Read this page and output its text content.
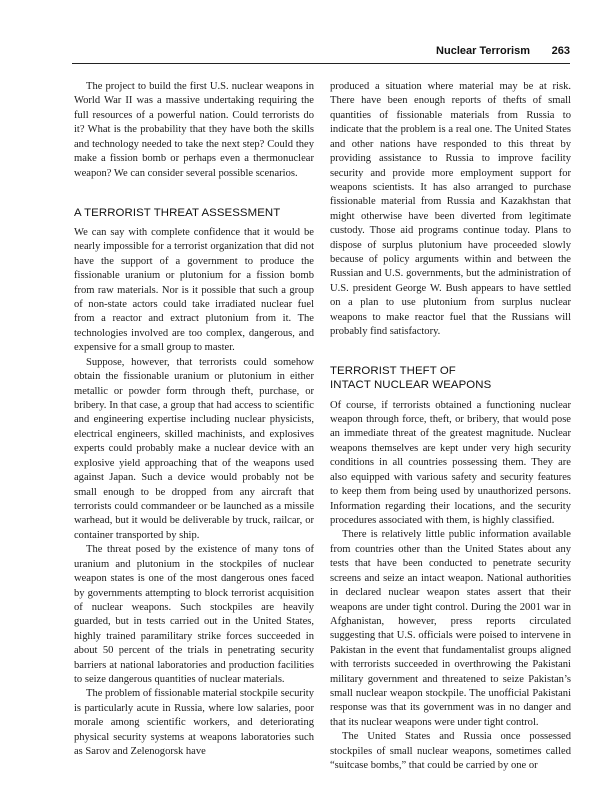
Nuclear Terrorism 263

The project to build the first U.S. nuclear weapons in World War II was a massive undertaking requiring the full resources of a powerful nation. Could terrorists do it? What is the probability that they have both the skills and technology needed to take the next step? Could they make a fission bomb or perhaps even a thermonuclear weapon? We can consider several possible scenarios.

A TERRORIST THREAT ASSESSMENT

We can say with complete confidence that it would be nearly impossible for a terrorist organization that did not have the support of a government to produce the fissionable uranium or plutonium for a fission bomb from raw materials. Nor is it possible that such a group of non-state actors could take irradiated nuclear fuel from a reactor and extract plutonium from it. The technologies involved are too complex, dangerous, and expensive for a small group to master.

Suppose, however, that terrorists could somehow obtain the fissionable uranium or plutonium in either metallic or powder form through theft, purchase, or bribery. In that case, a group that had access to scientific and engineering expertise including nuclear physicists, electrical engineers, skilled machinists, and explosives experts could probably make a nuclear device with an explosive yield approaching that of the weapons used against Japan. Such a device would probably not be small enough to be dropped from any aircraft that terrorists could commandeer or be launched as a missile warhead, but it would be deliverable by truck, railcar, or container transported by ship.

The threat posed by the existence of many tons of uranium and plutonium in the stockpiles of nuclear weapon states is one of the most dangerous ones faced by governments attempting to block terrorist acquisition of nuclear weapons. Such stockpiles are heavily guarded, but in tests carried out in the United States, highly trained paramilitary strike forces succeeded in about 50 percent of the trials in penetrating security barriers at national laboratories and production facilities to seize dangerous quantities of nuclear materials.

The problem of fissionable material stockpile security is particularly acute in Russia, where low salaries, poor morale among scientific workers, and deteriorating physical security systems at weapons laboratories such as Sarov and Zelenogorsk have

produced a situation where material may be at risk. There have been enough reports of thefts of small quantities of fissionable materials from Russia to indicate that the problem is a real one. The United States and other nations have responded to this threat by providing assistance to Russia to improve facility security and provide more employment support for weapons scientists. It has also arranged to purchase fissionable material from Russia and Kazakhstan that might otherwise have been diverted from legitimate custody. Those aid programs continue today. Plans to dispose of surplus plutonium have proceeded slowly because of policy arguments within and between the Russian and U.S. governments, but the administration of U.S. president George W. Bush appears to have settled on a plan to use plutonium from surplus nuclear weapons to make reactor fuel that the Russians will probably find satisfactory.

TERRORIST THEFT OF
INTACT NUCLEAR WEAPONS

Of course, if terrorists obtained a functioning nuclear weapon through force, theft, or bribery, that would pose an immediate threat of the greatest magnitude. Nuclear weapons themselves are kept under very high security conditions in all countries possessing them. They are also equipped with various safety and security features to keep them from being used by unauthorized persons. Information regarding their locations, and the security procedures associated with them, is highly classified.

There is relatively little public information available from countries other than the United States about any tests that have been conducted to penetrate security screens and seize an intact weapon. National authorities in declared nuclear weapon states assert that their weapons are under tight control. During the 2001 war in Afghanistan, however, press reports circulated suggesting that U.S. officials were poised to intervene in Pakistan in the event that fundamentalist groups aligned with terrorists succeeded in overthrowing the Pakistani military government and threatened to seize Pakistan’s small nuclear weapon stockpile. The unofficial Pakistani response was that its government was in no danger and that its nuclear weapons were under tight control.

The United States and Russia once possessed stockpiles of small nuclear weapons, sometimes called “suitcase bombs,” that could be carried by one or
